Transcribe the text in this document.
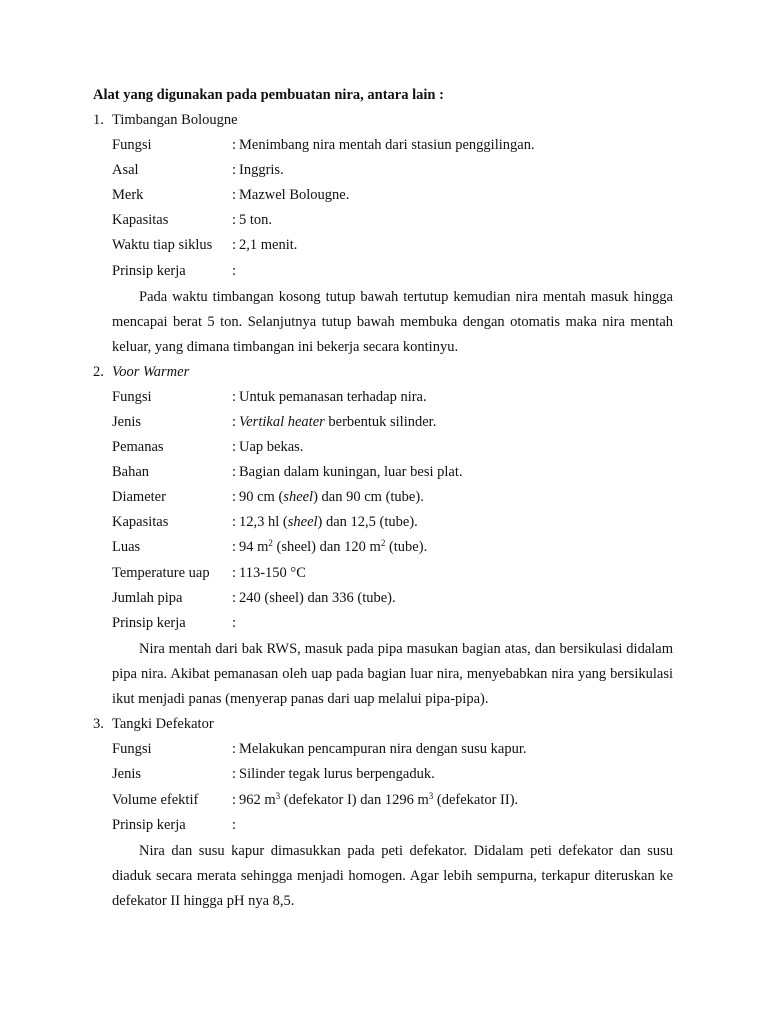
Alat yang digunakan pada pembuatan nira, antara lain :
1. Timbangan Bolougne
Fungsi	: Menimbang nira mentah dari stasiun penggilingan.
Asal	: Inggris.
Merk	: Mazwel Bolougne.
Kapasitas	: 5 ton.
Waktu tiap siklus : 2,1 menit.
Prinsip kerja	:
Pada waktu timbangan kosong tutup bawah tertutup kemudian nira mentah masuk hingga mencapai berat 5 ton. Selanjutnya tutup bawah membuka dengan otomatis maka nira mentah keluar, yang dimana timbangan ini bekerja secara kontinyu.
2. Voor Warmer
Fungsi	: Untuk pemanasan terhadap nira.
Jenis	: Vertikal heater berbentuk silinder.
Pemanas	: Uap bekas.
Bahan	: Bagian dalam kuningan, luar besi plat.
Diameter	: 90 cm (sheel) dan 90 cm (tube).
Kapasitas	: 12,3 hl (sheel) dan 12,5 (tube).
Luas	: 94 $m^2$ (sheel) dan 120 $m^2$ (tube).
Temperature uap : 113-150 °C
Jumlah pipa	: 240 (sheel) dan 336 (tube).
Prinsip kerja	:
Nira mentah dari bak RWS, masuk pada pipa masukan bagian atas, dan bersikulasi didalam pipa nira. Akibat pemanasan oleh uap pada bagian luar nira, menyebabkan nira yang bersikulasi ikut menjadi panas (menyerap panas dari uap melalui pipa-pipa).
3. Tangki Defekator
Fungsi	: Melakukan pencampuran nira dengan susu kapur.
Jenis	: Silinder tegak lurus berpengaduk.
Volume efektif : 962 $m^3$ (defekator I) dan 1296 $m^3$ (defekator II).
Prinsip kerja	:
Nira dan susu kapur dimasukkan pada peti defekator. Didalam peti defekator dan susu diaduk secara merata sehingga menjadi homogen. Agar lebih sempurna, terkapur diteruskan ke defekator II hingga pH nya 8,5.
